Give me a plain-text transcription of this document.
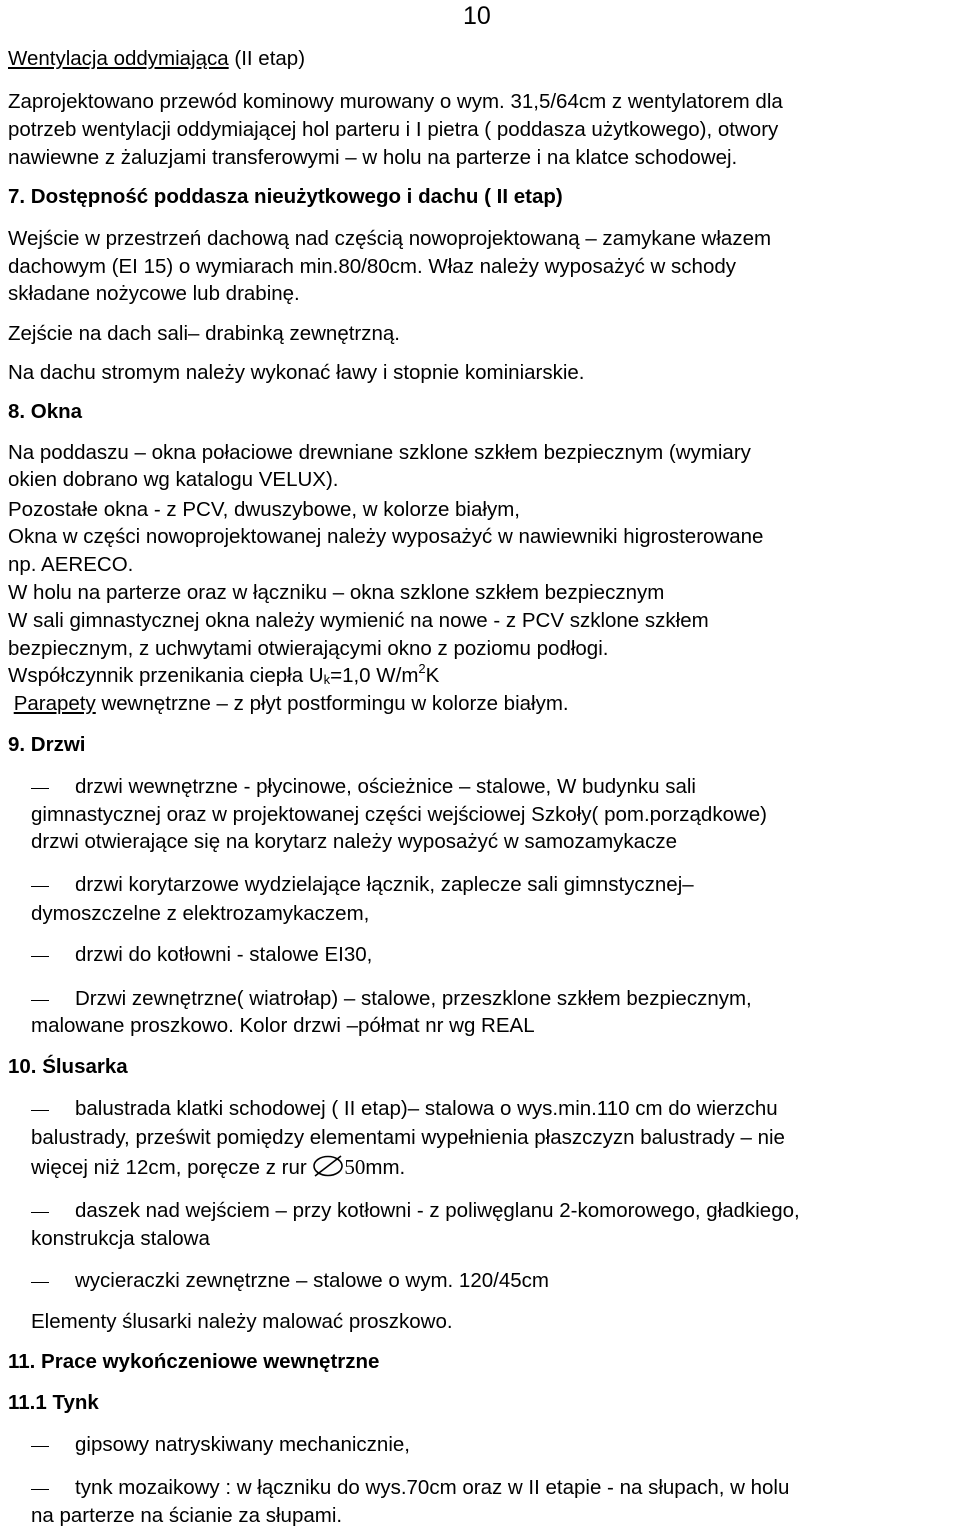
10
Wentylacja oddymiająca (II etap)
Zaprojektowano przewód kominowy murowany o wym. 31,5/64cm z wentylatorem dla
potrzeb wentylacji oddymiającej hol parteru i I pietra ( poddasza użytkowego), otwory
nawiewne z żaluzjami transferowymi – w holu na parterze i na klatce schodowej.
7. Dostępność poddasza nieużytkowego i dachu ( II etap)
Wejście w przestrzeń dachową nad częścią nowoprojektowaną – zamykane włazem
dachowym (EI 15) o wymiarach min.80/80cm. Właz należy wyposażyć w schody
składane nożycowe lub drabinę.
Zejście na dach sali– drabinką zewnętrzną.
Na dachu stromym należy wykonać ławy i stopnie kominiarskie.
8. Okna
Na poddaszu – okna połaciowe drewniane szklone szkłem bezpiecznym (wymiary
okien dobrano wg katalogu VELUX).
Pozostałe okna - z PCV, dwuszybowe, w kolorze białym,
Okna w części nowoprojektowanej należy wyposażyć w nawiewniki higrosterowane
np. AERECO.
W holu na parterze oraz w łączniku – okna szklone szkłem bezpiecznym
W sali gimnastycznej okna należy wymienić na nowe - z PCV szklone szkłem
bezpiecznym, z uchwytami otwierającymi okno z poziomu podłogi.
Współczynnik przenikania ciepła $U_k=1,0$ $W/m^2K$
Parapety wewnętrzne – z płyt postformingu w kolorze białym.
9. Drzwi
drzwi wewnętrzne - płycinowe, ościeżnice – stalowe, W budynku sali
gimnastycznej oraz w projektowanej części wejściowej Szkoły( pom.porządkowe)
drzwi otwierające się na korytarz należy wyposażyć w samozamykacze
drzwi korytarzowe wydzielające łącznik, zaplecze sali gimnstycznej–
dymoszczelne z elektrozamykaczem,
drzwi do kotłowni - stalowe EI30,
Drzwi zewnętrzne( wiatrołap) – stalowe, przeszklone szkłem bezpiecznym,
malowane proszkowo. Kolor drzwi –półmat nr wg REAL
10. Ślusarka
balustrada klatki schodowej ( II etap)– stalowa o wys.min.110 cm do wierzchu
balustrady, prześwit pomiędzy elementami wypełnienia płaszczyzn balustrady – nie
więcej niż 12cm, poręcze z rur 50mm.
daszek nad wejściem – przy kotłowni - z poliwęglanu 2-komorowego, gładkiego,
konstrukcja stalowa
wycieraczki zewnętrzne – stalowe o wym. 120/45cm
Elementy ślusarki należy malować proszkowo.
11. Prace wykończeniowe wewnętrzne
11.1 Tynk
gipsowy natryskiwany mechanicznie,
tynk mozaikowy : w łączniku do wys.70cm oraz w II etapie - na słupach, w holu
na parterze na ścianie za słupami.
